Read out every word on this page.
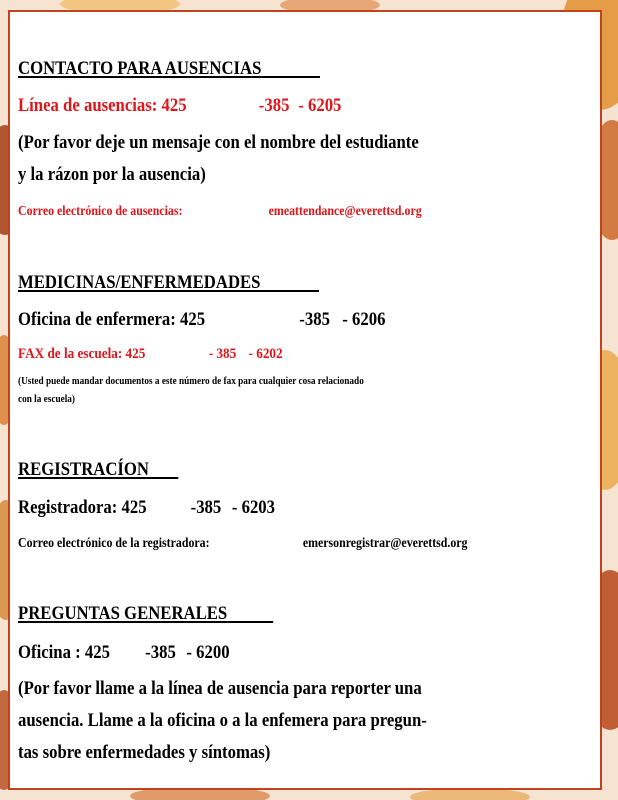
CONTACTO PARA AUSENCIAS
Línea de ausencias: 425	-385 - 6205
(Por favor deje un mensaje con el nombre del estudiante
y la rázon por la ausencia)
Correo electrónico de ausencias:	emeattendance@everettsd.org
MEDICINAS/ENFERMEDADES
Oficina de enfermera: 425	-385 - 6206
FAX de la escuela: 425	- 385 - 6202
(Usted puede mandar documentos a este número de fax para cualquier cosa relacionado
con la escuela)
REGISTRACÍON
Registradora: 425 -385 - 6203
Correo electrónico de la registradora:	emersonregistrar@everettsd.org
PREGUNTAS GENERALES
Oficina : 425 -385 - 6200
(Por favor llame a la línea de ausencia para reporter una
ausencia. Llame a la oficina o a la enfemera para pregun-
tas sobre enfermedades y síntomas)
